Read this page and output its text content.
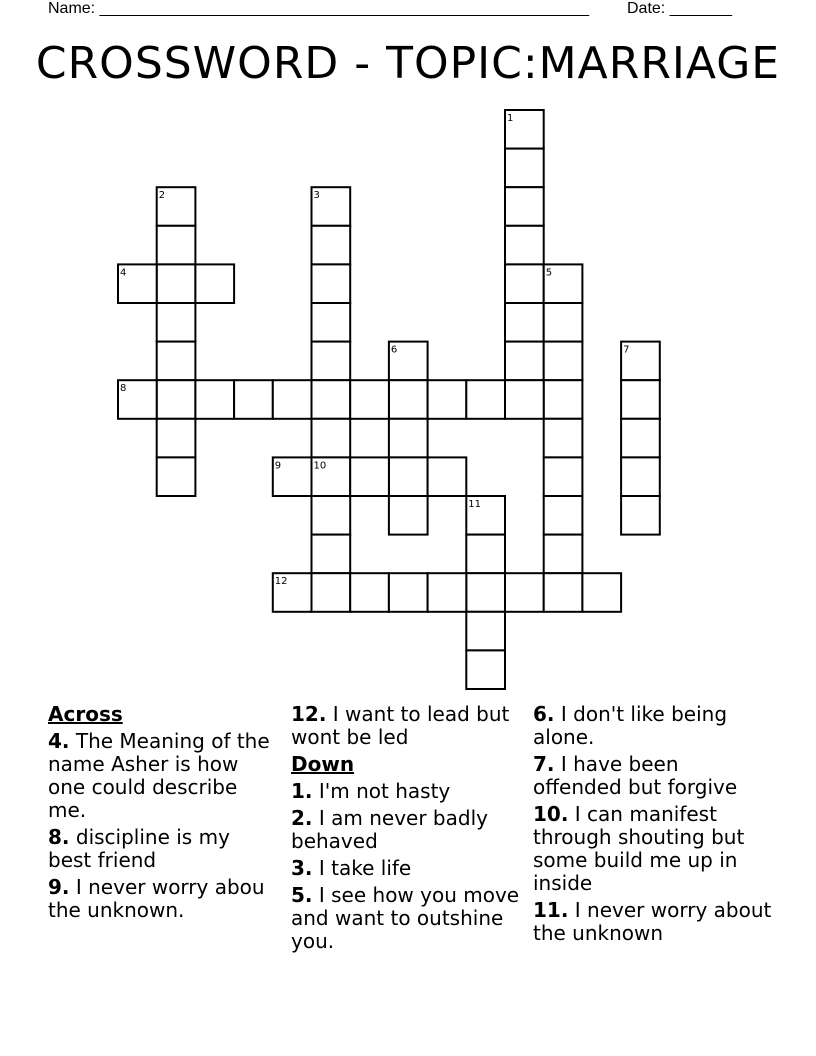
Name: _______________________________________________________ Date: _______
CROSSWORD - TOPIC:MARRIAGE
1
2	3
4	5
6	7
8
9	10
11
12
Across
4. The Meaning of the name Asher is how one could describe me.
8. discipline is my best friend
9. I never worry abou the unknown.
12. I want to lead but wont be led
Down
1. I'm not hasty
2. I am never badly behaved
3. I take life
5. I see how you move and want to outshine you.
6. I don't like being alone.
7. I have been offended but forgive
10. I can manifest through shouting but some build me up in inside
11. I never worry about the unknown
